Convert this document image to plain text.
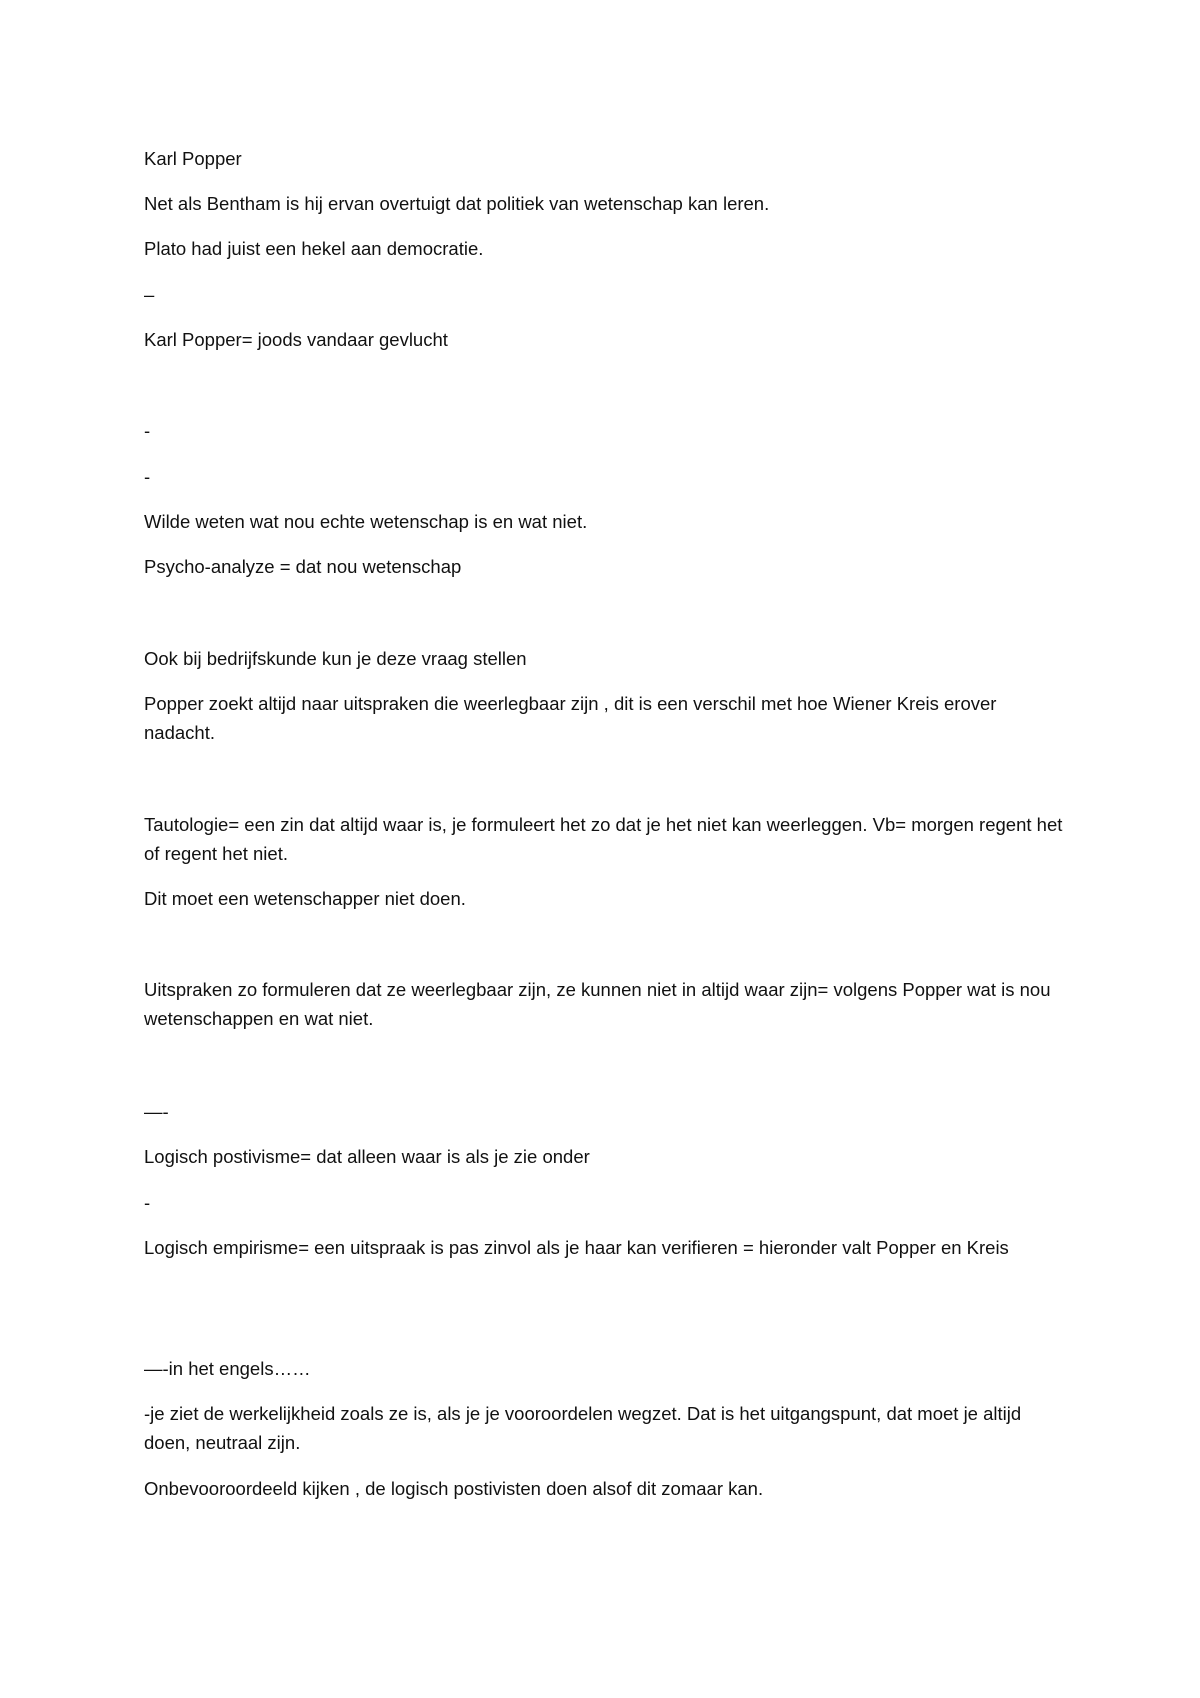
Karl Popper

Net als Bentham is hij ervan overtuigt dat politiek van wetenschap kan leren.

Plato had juist een hekel aan democratie.

–

Karl Popper= joods vandaar gevlucht

-

-

Wilde weten wat nou echte wetenschap is en wat niet.

Psycho-analyze = dat nou wetenschap

Ook bij bedrijfskunde kun je deze vraag stellen

Popper zoekt altijd naar uitspraken die weerlegbaar zijn , dit is een verschil met hoe Wiener Kreis erover nadacht.

Tautologie= een zin dat altijd waar is, je formuleert het zo dat je het niet kan weerleggen. Vb= morgen regent het of regent het niet.

Dit moet een wetenschapper niet doen.

Uitspraken zo formuleren dat ze weerlegbaar zijn, ze kunnen niet in altijd waar zijn= volgens Popper wat is nou wetenschappen en wat niet.

—-

Logisch postivisme= dat alleen waar is als je zie onder

-

Logisch empirisme= een uitspraak is pas zinvol als je haar kan verifieren = hieronder valt Popper en Kreis

—-in het engels……

-je ziet de werkelijkheid zoals ze is, als je je vooroordelen wegzet. Dat is het uitgangspunt, dat moet je altijd doen, neutraal zijn.

Onbevooroordeeld kijken , de logisch postivisten doen alsof dit zomaar kan.
